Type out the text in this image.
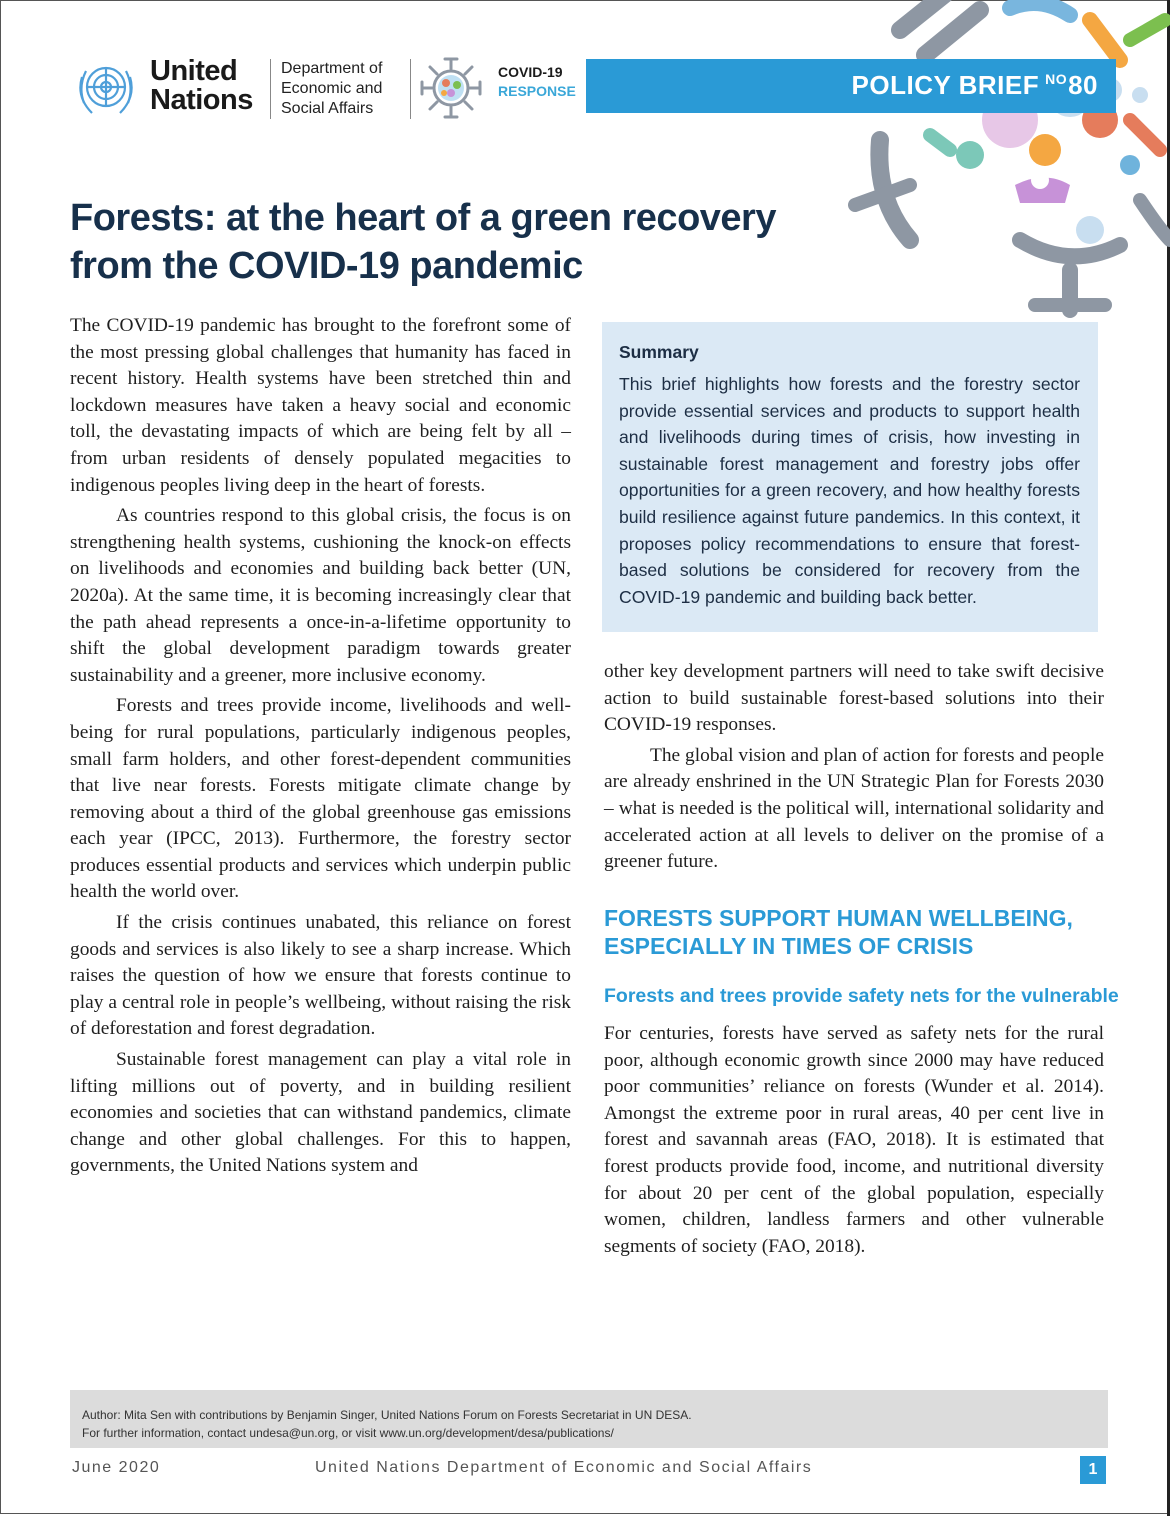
United
Nations
Department of
Economic and
Social Affairs
COVID-19
RESPONSE	POLICY BRIEF $^{NO}$80
Forests: at the heart of a green recovery
from the COVID-19 pandemic

The COVID-19 pandemic has brought to the forefront some of the most pressing global challenges that humanity has faced in recent history. Health systems have been stretched thin and lockdown measures have taken a heavy social and economic toll, the devastating impacts of which are being felt by all – from urban residents of densely populated megacities to indigenous peoples living deep in the heart of forests.

As countries respond to this global crisis, the focus is on strengthening health systems, cushioning the knock-on effects on livelihoods and economies and building back better (UN, 2020a). At the same time, it is becoming increasingly clear that the path ahead represents a once-in-a-lifetime opportunity to shift the global development paradigm towards greater sustainability and a greener, more inclusive economy.

Forests and trees provide income, livelihoods and well-being for rural populations, particularly indigenous peoples, small farm holders, and other forest-dependent communities that live near forests. Forests mitigate climate change by removing about a third of the global greenhouse gas emissions each year (IPCC, 2013). Furthermore, the forestry sector produces essential products and services which underpin public health the world over.

If the crisis continues unabated, this reliance on forest goods and services is also likely to see a sharp increase. Which raises the question of how we ensure that forests continue to play a central role in people’s wellbeing, without raising the risk of deforestation and forest degradation.

Sustainable forest management can play a vital role in lifting millions out of poverty, and in building resilient economies and societies that can withstand pandemics, climate change and other global challenges. For this to happen, governments, the United Nations system and

Summary
This brief highlights how forests and the forestry sector provide essential services and products to support health and livelihoods during times of crisis, how investing in sustainable forest management and forestry jobs offer opportunities for a green recovery, and how healthy forests build resilience against future pandemics. In this context, it proposes policy recommendations to ensure that forest-based solutions be considered for recovery from the COVID-19 pandemic and building back better.

other key development partners will need to take swift decisive action to build sustainable forest-based solutions into their COVID-19 responses.

The global vision and plan of action for forests and people are already enshrined in the UN Strategic Plan for Forests 2030 – what is needed is the political will, international solidarity and accelerated action at all levels to deliver on the promise of a greener future.

FORESTS SUPPORT HUMAN WELLBEING,
ESPECIALLY IN TIMES OF CRISIS
Forests and trees provide safety nets for the vulnerable

For centuries, forests have served as safety nets for the rural poor, although economic growth since 2000 may have reduced poor communities’ reliance on forests (Wunder et al. 2014). Amongst the extreme poor in rural areas, 40 per cent live in forest and savannah areas (FAO, 2018). It is estimated that forest products provide food, income, and nutritional diversity for about 20 per cent of the global population, especially women, children, landless farmers and other vulnerable segments of society (FAO, 2018).

Author: Mita Sen with contributions by Benjamin Singer, United Nations Forum on Forests Secretariat in UN DESA.
For further information, contact undesa@un.org, or visit www.un.org/development/desa/publications/
June 2020	United Nations Department of Economic and Social Affairs	1
